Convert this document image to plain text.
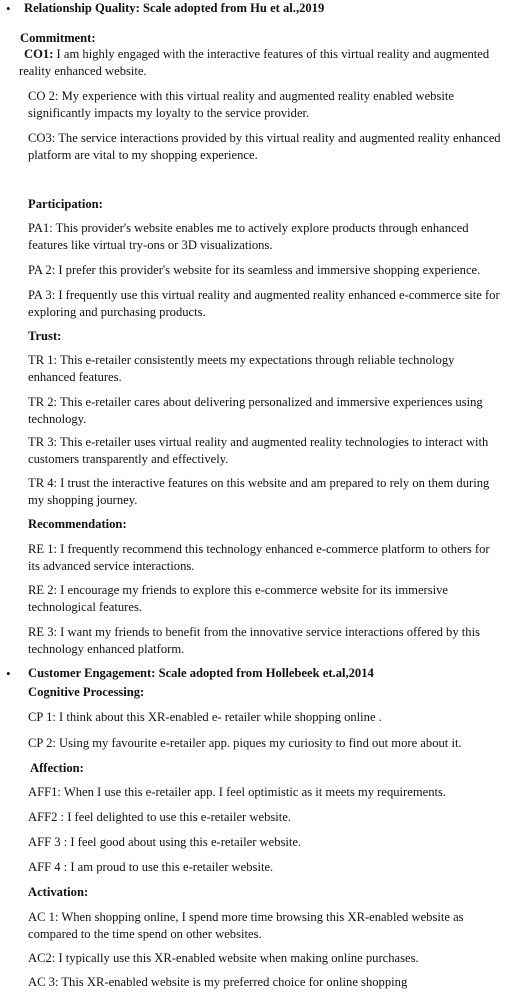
• Relationship Quality: Scale adopted from Hu et al.,2019
Commitment:
CO1: I am highly engaged with the interactive features of this virtual reality and augmented
reality enhanced website.
CO 2: My experience with this virtual reality and augmented reality enabled website
significantly impacts my loyalty to the service provider.
CO3: The service interactions provided by this virtual reality and augmented reality enhanced
platform are vital to my shopping experience.
Participation:
PA1: This provider's website enables me to actively explore products through enhanced
features like virtual try-ons or 3D visualizations.
PA 2: I prefer this provider's website for its seamless and immersive shopping experience.
PA 3: I frequently use this virtual reality and augmented reality enhanced e-commerce site for
exploring and purchasing products.
Trust:
TR 1: This e-retailer consistently meets my expectations through reliable technology
enhanced features.
TR 2: This e-retailer cares about delivering personalized and immersive experiences using
technology.
TR 3: This e-retailer uses virtual reality and augmented reality technologies to interact with
customers transparently and effectively.
TR 4: I trust the interactive features on this website and am prepared to rely on them during
my shopping journey.
Recommendation:
RE 1: I frequently recommend this technology enhanced e-commerce platform to others for
its advanced service interactions.
RE 2: I encourage my friends to explore this e-commerce website for its immersive
technological features.
RE 3: I want my friends to benefit from the innovative service interactions offered by this
technology enhanced platform.
• Customer Engagement: Scale adopted from Hollebeek et.al,2014
Cognitive Processing:
CP 1: I think about this XR-enabled e- retailer while shopping online .
CP 2: Using my favourite e-retailer app. piques my curiosity to find out more about it.
Affection:
AFF1: When I use this e-retailer app. I feel optimistic as it meets my requirements.
AFF2 : I feel delighted to use this e-retailer website.
AFF 3 : I feel good about using this e-retailer website.
AFF 4 : I am proud to use this e-retailer website.
Activation:
AC 1: When shopping online, I spend more time browsing this XR-enabled website as
compared to the time spend on other websites.
AC2: I typically use this XR-enabled website when making online purchases.
AC 3: This XR-enabled website is my preferred choice for online shopping
